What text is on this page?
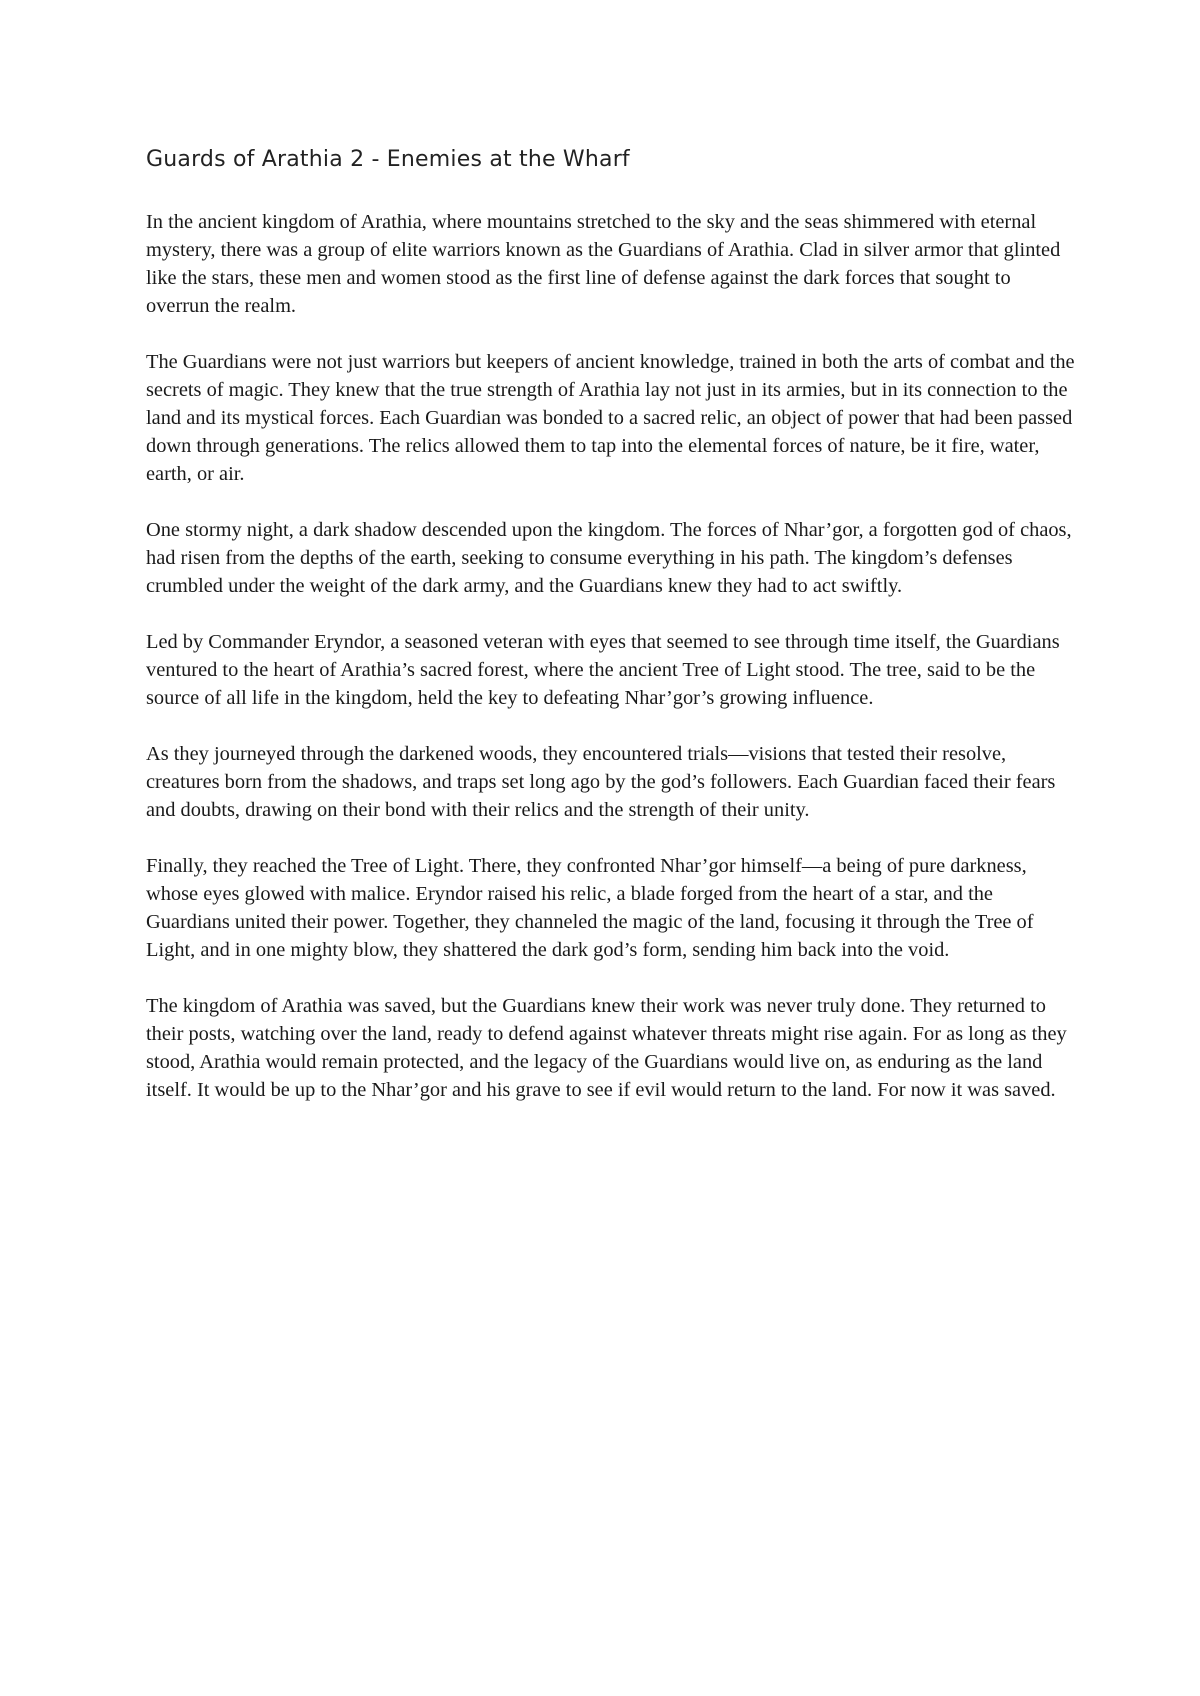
Guards of Arathia 2 - Enemies at the Wharf

In the ancient kingdom of Arathia, where mountains stretched to the sky and the seas shimmered with eternal mystery, there was a group of elite warriors known as the Guardians of Arathia. Clad in silver armor that glinted like the stars, these men and women stood as the first line of defense against the dark forces that sought to overrun the realm.

The Guardians were not just warriors but keepers of ancient knowledge, trained in both the arts of combat and the secrets of magic. They knew that the true strength of Arathia lay not just in its armies, but in its connection to the land and its mystical forces. Each Guardian was bonded to a sacred relic, an object of power that had been passed down through generations. The relics allowed them to tap into the elemental forces of nature, be it fire, water, earth, or air.

One stormy night, a dark shadow descended upon the kingdom. The forces of Nhar’gor, a forgotten god of chaos, had risen from the depths of the earth, seeking to consume everything in his path. The kingdom’s defenses crumbled under the weight of the dark army, and the Guardians knew they had to act swiftly.

Led by Commander Eryndor, a seasoned veteran with eyes that seemed to see through time itself, the Guardians ventured to the heart of Arathia’s sacred forest, where the ancient Tree of Light stood. The tree, said to be the source of all life in the kingdom, held the key to defeating Nhar’gor’s growing influence.

As they journeyed through the darkened woods, they encountered trials—visions that tested their resolve, creatures born from the shadows, and traps set long ago by the god’s followers. Each Guardian faced their fears and doubts, drawing on their bond with their relics and the strength of their unity.

Finally, they reached the Tree of Light. There, they confronted Nhar’gor himself—a being of pure darkness, whose eyes glowed with malice. Eryndor raised his relic, a blade forged from the heart of a star, and the Guardians united their power. Together, they channeled the magic of the land, focusing it through the Tree of Light, and in one mighty blow, they shattered the dark god’s form, sending him back into the void.

The kingdom of Arathia was saved, but the Guardians knew their work was never truly done. They returned to their posts, watching over the land, ready to defend against whatever threats might rise again. For as long as they stood, Arathia would remain protected, and the legacy of the Guardians would live on, as enduring as the land itself. It would be up to the Nhar’gor and his grave to see if evil would return to the land. For now it was saved.
